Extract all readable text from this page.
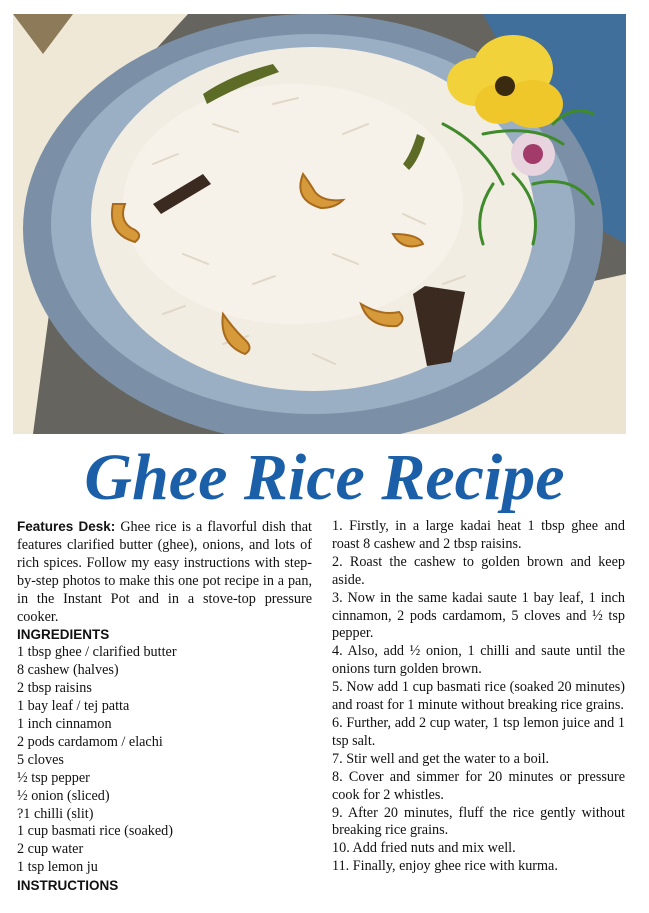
Ghee Rice Recipe
Features Desk: Ghee rice is a flavorful dish that features clarified butter (ghee), onions, and lots of rich spices. Follow my easy instructions with step-by-step photos to make this one pot recipe in a pan, in the Instant Pot and in a stove-top pressure cooker.
INGREDIENTS
1 tbsp ghee / clarified butter
8 cashew (halves)
2 tbsp raisins
1 bay leaf / tej patta
1 inch cinnamon
2 pods cardamom / elachi
5 cloves
½ tsp pepper
½ onion (sliced)
?1 chilli (slit)
1 cup basmati rice (soaked)
2 cup water
1 tsp lemon ju
INSTRUCTIONS

1. Firstly, in a large kadai heat 1 tbsp ghee and roast 8 cashew and 2 tbsp raisins.

2. Roast the cashew to golden brown and keep aside.

3. Now in the same kadai saute 1 bay leaf, 1 inch cinnamon, 2 pods cardamom, 5 cloves and ½ tsp pepper.

4. Also, add ½ onion, 1 chilli and saute until the onions turn golden brown.

5. Now add 1 cup basmati rice (soaked 20 minutes) and roast for 1 minute without breaking rice grains.

6. Further, add 2 cup water, 1 tsp lemon juice and 1 tsp salt.

7. Stir well and get the water to a boil.

8. Cover and simmer for 20 minutes or pressure cook for 2 whistles.

9. After 20 minutes, fluff the rice gently without breaking rice grains.

10. Add fried nuts and mix well.

11. Finally, enjoy ghee rice with kurma.
